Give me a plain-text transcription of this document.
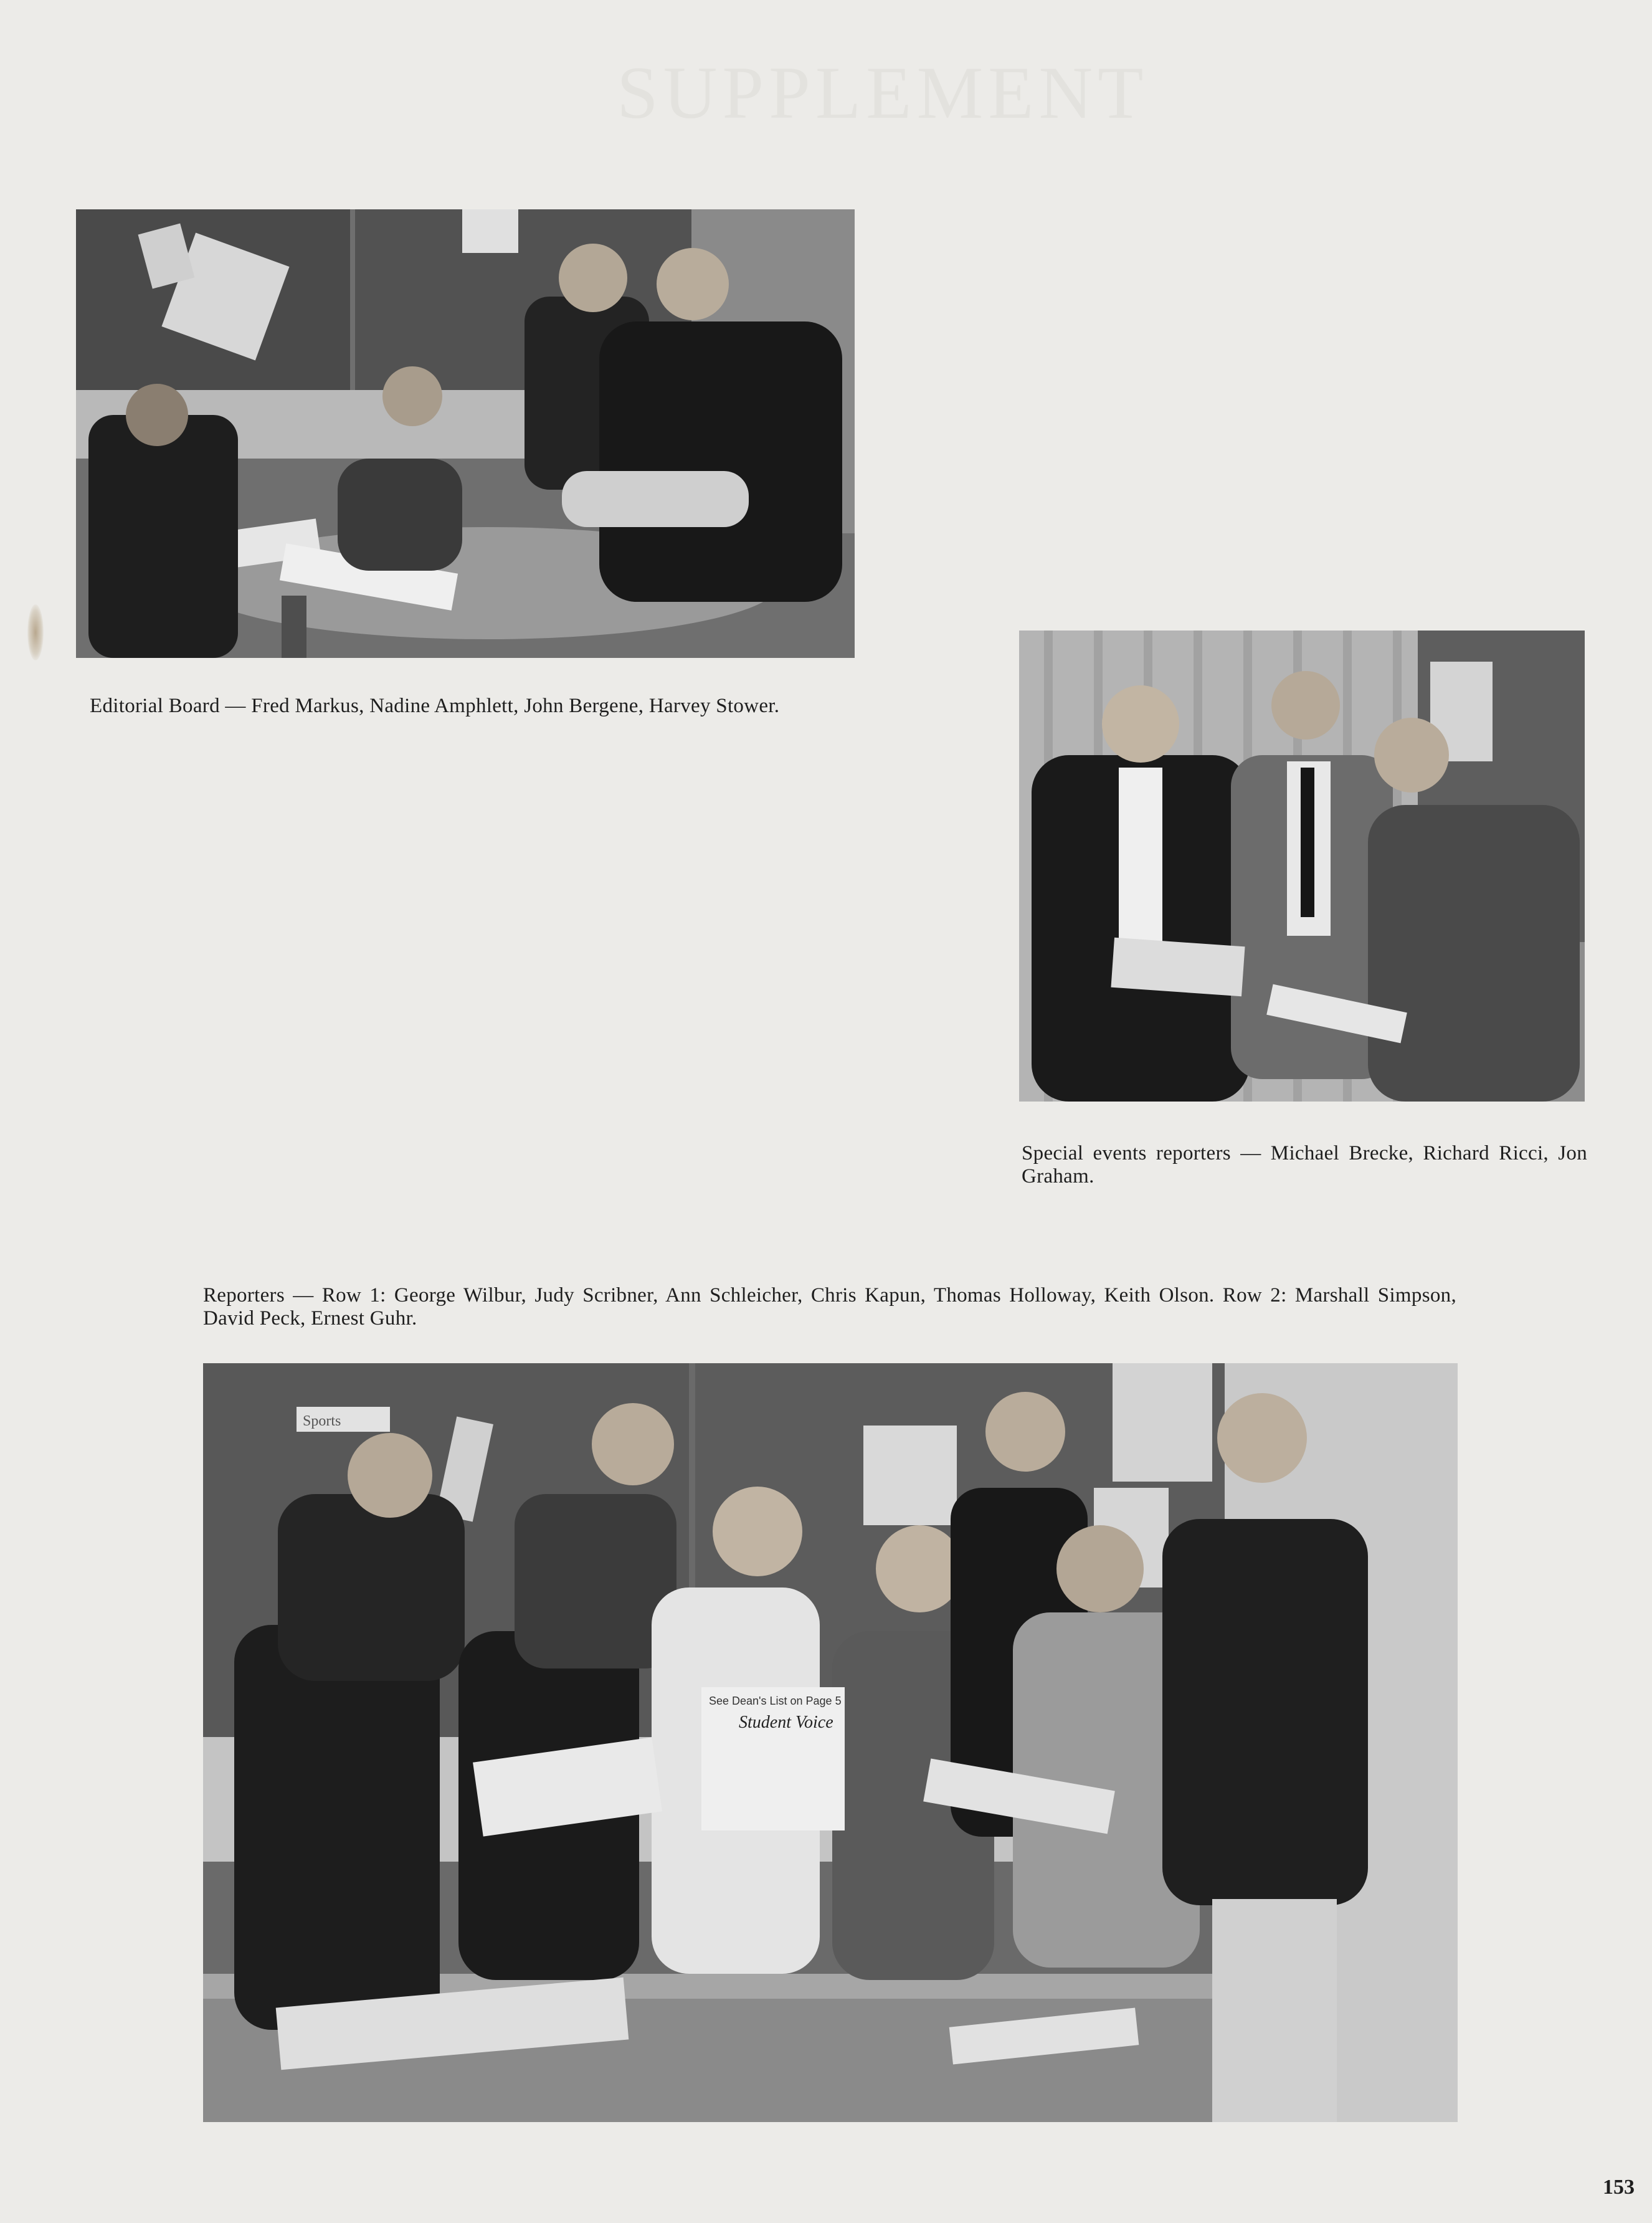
SUPPLEMENT
Editorial Board — Fred Markus, Nadine Amphlett, John Bergene, Harvey Stower.
Special events reporters — Michael Brecke, Richard Ricci, Jon Graham.
Reporters — Row 1: George Wilbur, Judy Scribner, Ann Schleicher, Chris Kapun, Thomas Holloway, Keith Olson. Row 2: Marshall Simpson, David Peck, Ernest Guhr.
Sports
See Dean's List on Page 5
Student Voice
153
